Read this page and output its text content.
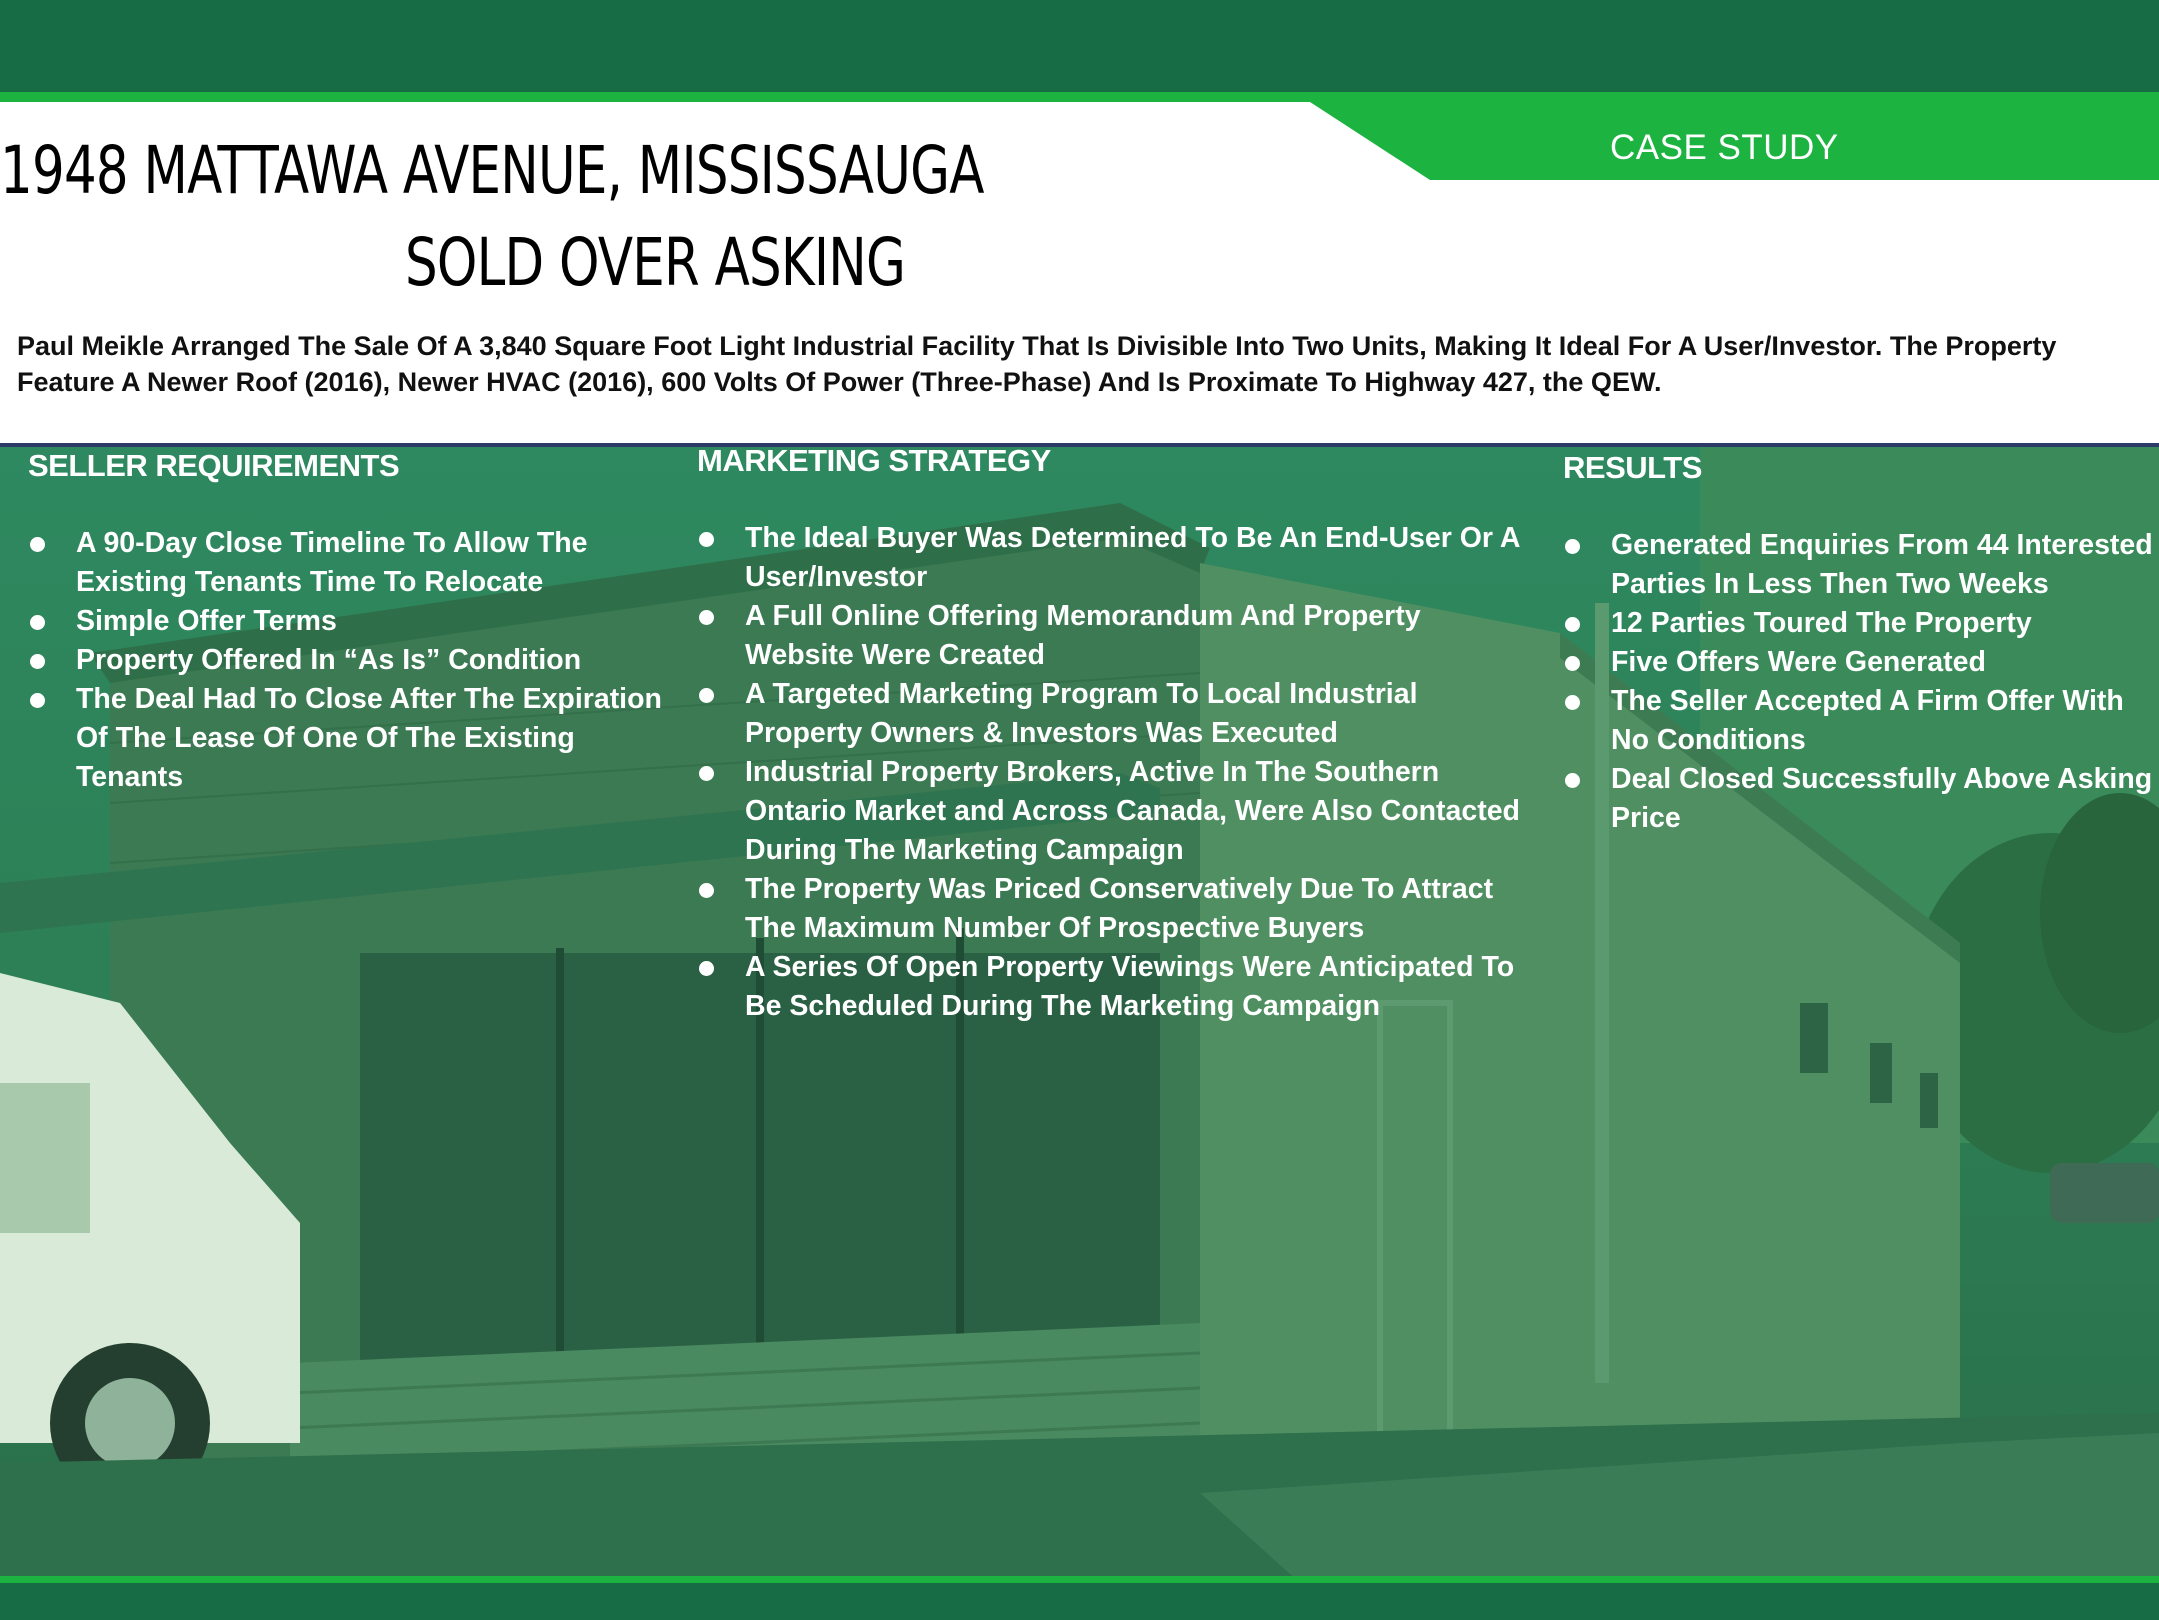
CASE STUDY
1948 MATTAWA AVENUE, MISSISSAUGA
SOLD OVER ASKING
Paul Meikle Arranged The Sale Of A 3,840 Square Foot Light Industrial Facility That Is Divisible Into Two Units, Making It Ideal For A User/Investor. The Property Feature A Newer Roof (2016), Newer HVAC (2016), 600 Volts Of Power (Three-Phase) And Is Proximate To Highway 427, the QEW.
SELLER REQUIREMENTS
A 90-Day Close Timeline To Allow The Existing Tenants Time To Relocate
Simple Offer Terms
Property Offered In “As Is” Condition
The Deal Had To Close After The Expiration Of The Lease Of One Of The Existing Tenants
MARKETING STRATEGY
The Ideal Buyer Was Determined To Be An End-User Or A User/Investor
A Full Online Offering Memorandum And Property Website Were Created
A Targeted Marketing Program To Local Industrial Property Owners & Investors Was Executed
Industrial Property Brokers, Active In The Southern Ontario Market and Across Canada, Were Also Contacted During The Marketing Campaign
The Property Was Priced Conservatively Due To Attract The Maximum Number Of Prospective Buyers
A Series Of Open Property Viewings Were Anticipated To Be Scheduled During The Marketing Campaign
RESULTS
Generated Enquiries From 44 Interested Parties In Less Then Two Weeks
12 Parties Toured The Property
Five Offers Were Generated
The Seller Accepted A Firm Offer With No Conditions
Deal Closed Successfully Above Asking Price
